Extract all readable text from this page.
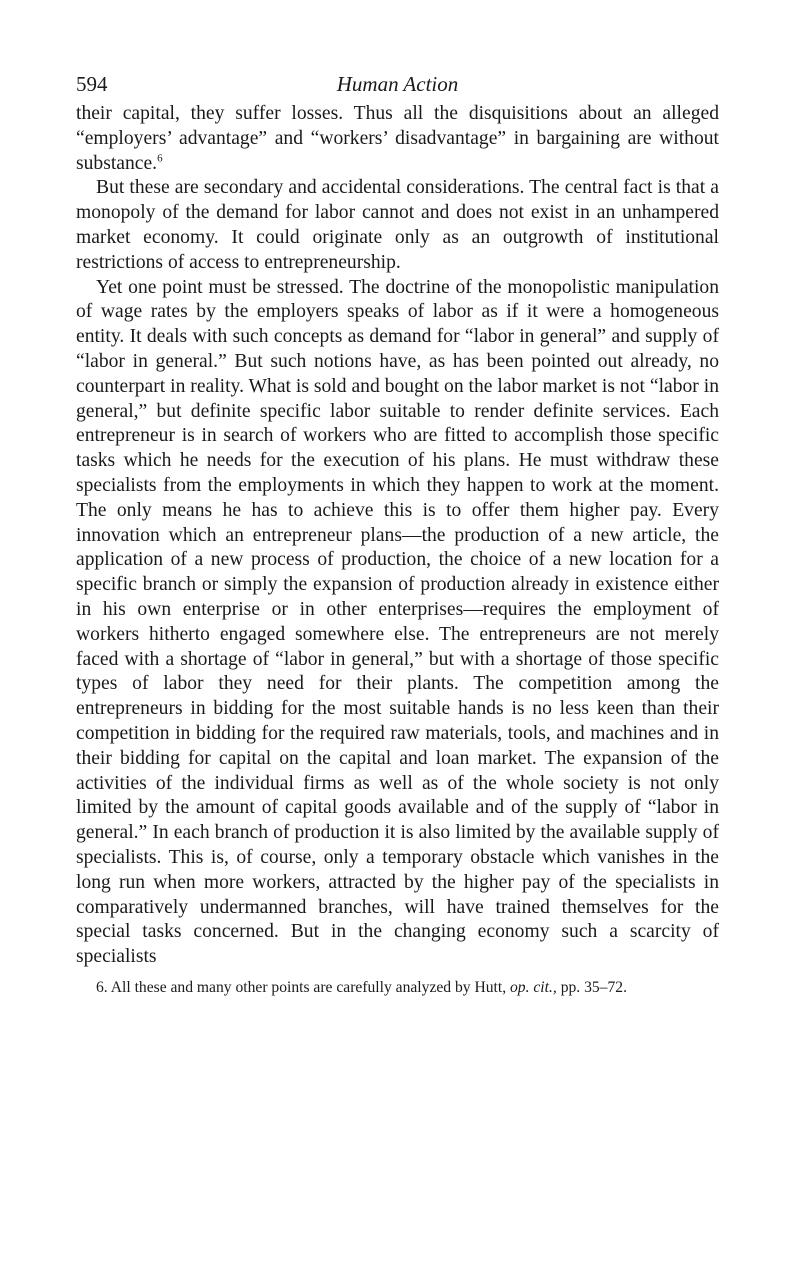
594	Human Action

their capital, they suffer losses. Thus all the disquisitions about an alleged “employers’ advantage” and “workers’ disadvantage” in bargaining are without substance.$^6$

But these are secondary and accidental considerations. The central fact is that a monopoly of the demand for labor cannot and does not exist in an unhampered market economy. It could originate only as an outgrowth of institutional restrictions of access to entrepreneurship.

Yet one point must be stressed. The doctrine of the monopolistic manipulation of wage rates by the employers speaks of labor as if it were a homogeneous entity. It deals with such concepts as demand for “labor in general” and supply of “labor in general.” But such notions have, as has been pointed out already, no counterpart in reality. What is sold and bought on the labor market is not “labor in general,” but definite specific labor suitable to render definite services. Each entrepreneur is in search of workers who are fitted to accomplish those specific tasks which he needs for the execution of his plans. He must withdraw these specialists from the employments in which they happen to work at the moment. The only means he has to achieve this is to offer them higher pay. Every innovation which an entrepreneur plans—the production of a new article, the application of a new process of production, the choice of a new location for a specific branch or simply the expansion of production already in existence either in his own enterprise or in other enterprises—requires the employment of workers hitherto engaged somewhere else. The entrepreneurs are not merely faced with a shortage of “labor in general,” but with a shortage of those specific types of labor they need for their plants. The competition among the entrepreneurs in bidding for the most suitable hands is no less keen than their competition in bidding for the required raw materials, tools, and machines and in their bidding for capital on the capital and loan market. The expansion of the activities of the individual firms as well as of the whole society is not only limited by the amount of capital goods available and of the supply of “labor in general.” In each branch of production it is also limited by the available supply of specialists. This is, of course, only a temporary obstacle which vanishes in the long run when more workers, attracted by the higher pay of the specialists in comparatively undermanned branches, will have trained themselves for the special tasks concerned. But in the changing economy such a scarcity of specialists

6. All these and many other points are carefully analyzed by Hutt, op. cit., pp. 35–72.
